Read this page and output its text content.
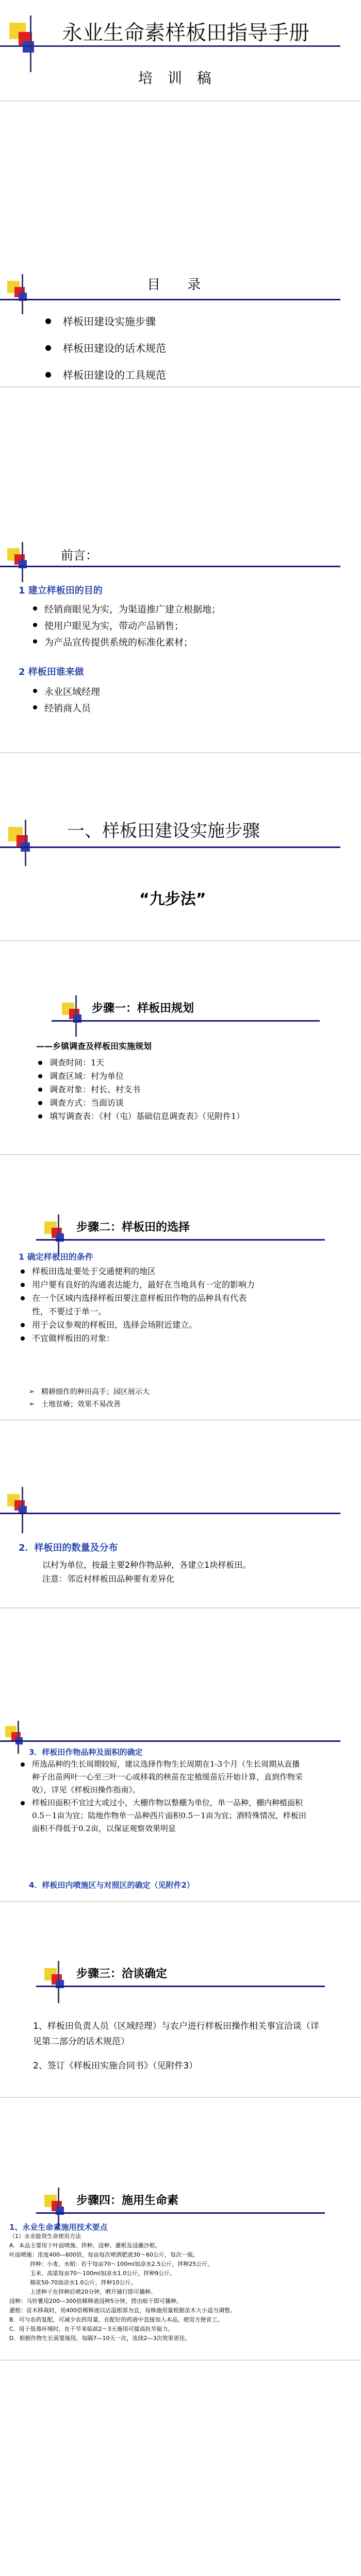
永业生命素样板田指导手册
培 训 稿
目 录
样板田建设实施步骤
样板田建设的话术规范
样板田建设的工具规范
前言：
1 建立样板田的目的
经销商眼见为实，为渠道推广建立根据地；
使用户眼见为实，带动产品销售；
为产品宣传提供系统的标准化素材；
2 样板田谁来做
永业区域经理
经销商人员
一、样板田建设实施步骤
“九步法”
步骤一：样板田规划
——乡镇调查及样板田实施规划
调查时间：1天
调查区域：村为单位
调查对象：村长、村支书
调查方式：当面访谈
填写调查表：《村（屯）基础信息调查表》（见附件1）
步骤二：样板田的选择
1 确定样板田的条件
样板田选址要处于交通便利的地区
用户要有良好的沟通表达能力，最好在当地具有一定的影响力
在一个区域内选择样板田要注意样板田作物的品种具有代表性，不要过于单一。
用于会议参观的样板田，选择会场附近建立。
不宜做样板田的对象：
➢ 精耕细作的种田高手；园区展示大
➢ 土地贫瘠；效果不易改善
2．样板田的数量及分布
以村为单位，按最主要2种作物品种，各建立1块样板田。
注意：邻近村样板田品种要有差异化
3．样板田作物品种及面积的确定
所选品种的生长周期较短，建议选择作物生长周期在1-3个月（生长周期从直播种子出苗两叶一心至三叶一心或移栽的秧苗在定植缓苗后开始计算，直到作物采收），详见《样板田操作指南》。
样板田面积不宜过大或过小，大棚作物以整棚为单位，单一品种，棚内种植面积0.5－1亩为宜；陆地作物单一品种西片面积0.5－1亩为宜；酒特殊情况，样板田面积不得低于0.2亩，以保证观察效果明显
4．样板田内喷施区与对照区的确定（见附件2）
步骤三：洽谈确定
1、样板田负责人员（区域经理）与农户进行样板田操作相关事宜洽谈（详见第二部分的话术规范）
2、签订《样板田实施合同书》（见附件3）
步骤四：施用生命素
1、永业生命素施用技术要点
（1）永业能效生命使用方法
A．本品主要用于叶面喷施、拌种、浸种、灌根及浸蘸沙根。
叶面喷施：浓度400—600倍，每亩每次喷洒肥液30～60公斤，每次一瓶。
拌种：小麦、水稻：若干每亩70～100ml加凉水2.5公斤，拌种25公斤。
玉米、高粱每亩70～100ml加凉水1.0公斤，拌种9公斤。
棉花50-70加凉水1.0公斤，拌种10公斤。
上述种子在拌种后喷20分钟，晒开铺行即可播种。
浸种：马铃薯用200—300倍稀释液浸种5分钟，捞出晾干即可播种。
灌根：苗木移栽时，用400倍稀释液以沾湿根部为宜，每株施用量根据苗木大小适当调整。
B．可与农药复配，可减少农药用量，在配好的药液中直接加入本品，使用方便省工。
C．用于低毒环境时，在干旱来临前2～3天施用可提高抗旱能力。
D．根据作物生长需要施用，每隔7—10天一次，连续2—3次效果更佳。
